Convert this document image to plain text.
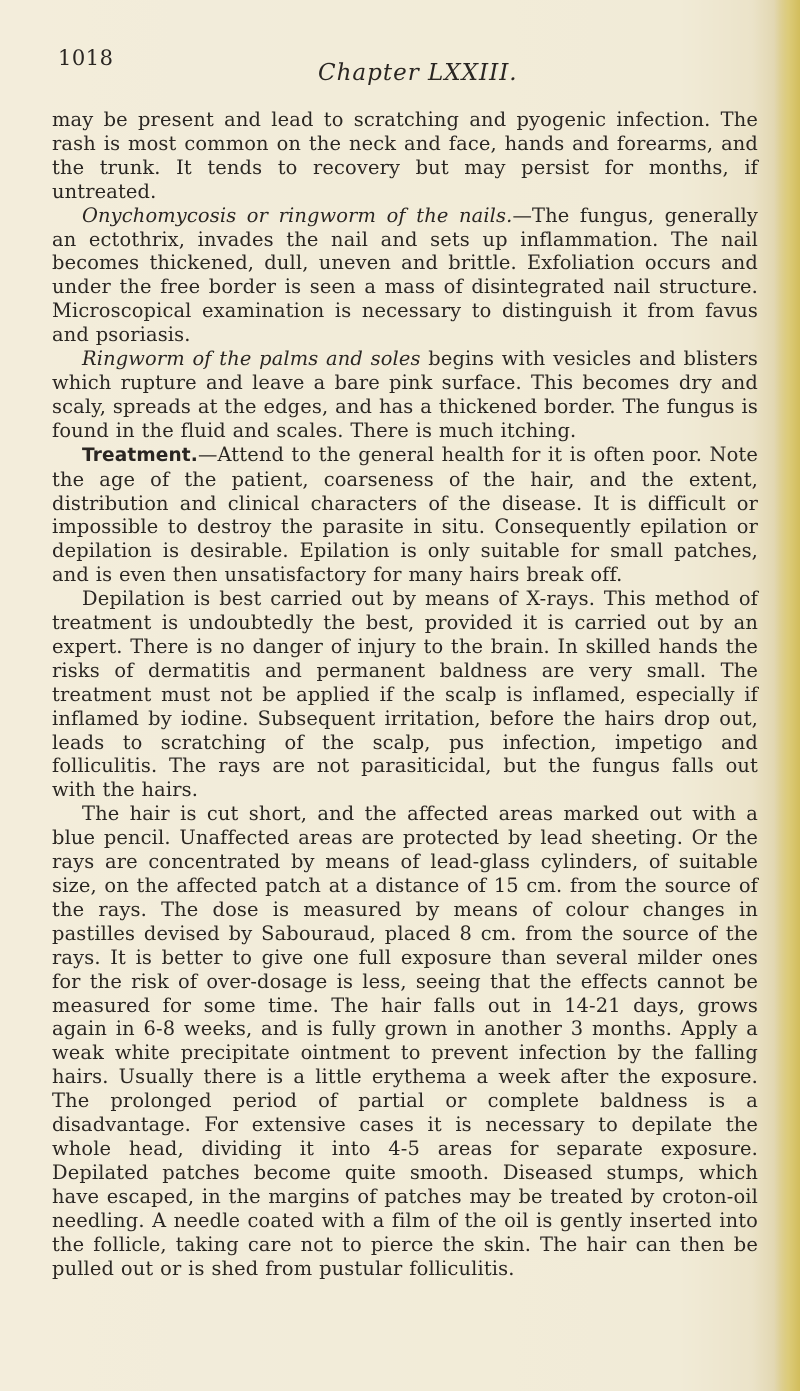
1018
Chapter LXXIII.

may be present and lead to scratching and pyogenic infection. The rash is most common on the neck and face, hands and forearms, and the trunk. It tends to recovery but may persist for months, if untreated.

Onychomycosis or ringworm of the nails.—The fungus, generally an ectothrix, invades the nail and sets up inflammation. The nail becomes thickened, dull, uneven and brittle. Exfoliation occurs and under the free border is seen a mass of disintegrated nail structure. Microscopical examination is necessary to distinguish it from favus and psoriasis.

Ringworm of the palms and soles begins with vesicles and blisters which rupture and leave a bare pink surface. This becomes dry and scaly, spreads at the edges, and has a thickened border. The fungus is found in the fluid and scales. There is much itching.

Treatment.—Attend to the general health for it is often poor. Note the age of the patient, coarseness of the hair, and the extent, distribution and clinical characters of the disease. It is difficult or impossible to destroy the parasite in situ. Consequently epilation or depilation is desirable. Epilation is only suitable for small patches, and is even then unsatisfactory for many hairs break off.

Depilation is best carried out by means of X-rays. This method of treatment is undoubtedly the best, provided it is carried out by an expert. There is no danger of injury to the brain. In skilled hands the risks of dermatitis and permanent baldness are very small. The treatment must not be applied if the scalp is inflamed, especially if inflamed by iodine. Subsequent irritation, before the hairs drop out, leads to scratching of the scalp, pus infection, impetigo and folliculitis. The rays are not parasiticidal, but the fungus falls out with the hairs.

The hair is cut short, and the affected areas marked out with a blue pencil. Unaffected areas are protected by lead sheeting. Or the rays are concentrated by means of lead-glass cylinders, of suitable size, on the affected patch at a distance of 15 cm. from the source of the rays. The dose is measured by means of colour changes in pastilles devised by Sabouraud, placed 8 cm. from the source of the rays. It is better to give one full exposure than several milder ones for the risk of over-dosage is less, seeing that the effects cannot be measured for some time. The hair falls out in 14-21 days, grows again in 6-8 weeks, and is fully grown in another 3 months. Apply a weak white precipitate ointment to prevent infection by the falling hairs. Usually there is a little erythema a week after the exposure. The prolonged period of partial or complete baldness is a disadvantage. For extensive cases it is necessary to depilate the whole head, dividing it into 4-5 areas for separate exposure. Depilated patches become quite smooth. Diseased stumps, which have escaped, in the margins of patches may be treated by croton-oil needling. A needle coated with a film of the oil is gently inserted into the follicle, taking care not to pierce the skin. The hair can then be pulled out or is shed from pustular folliculitis.
